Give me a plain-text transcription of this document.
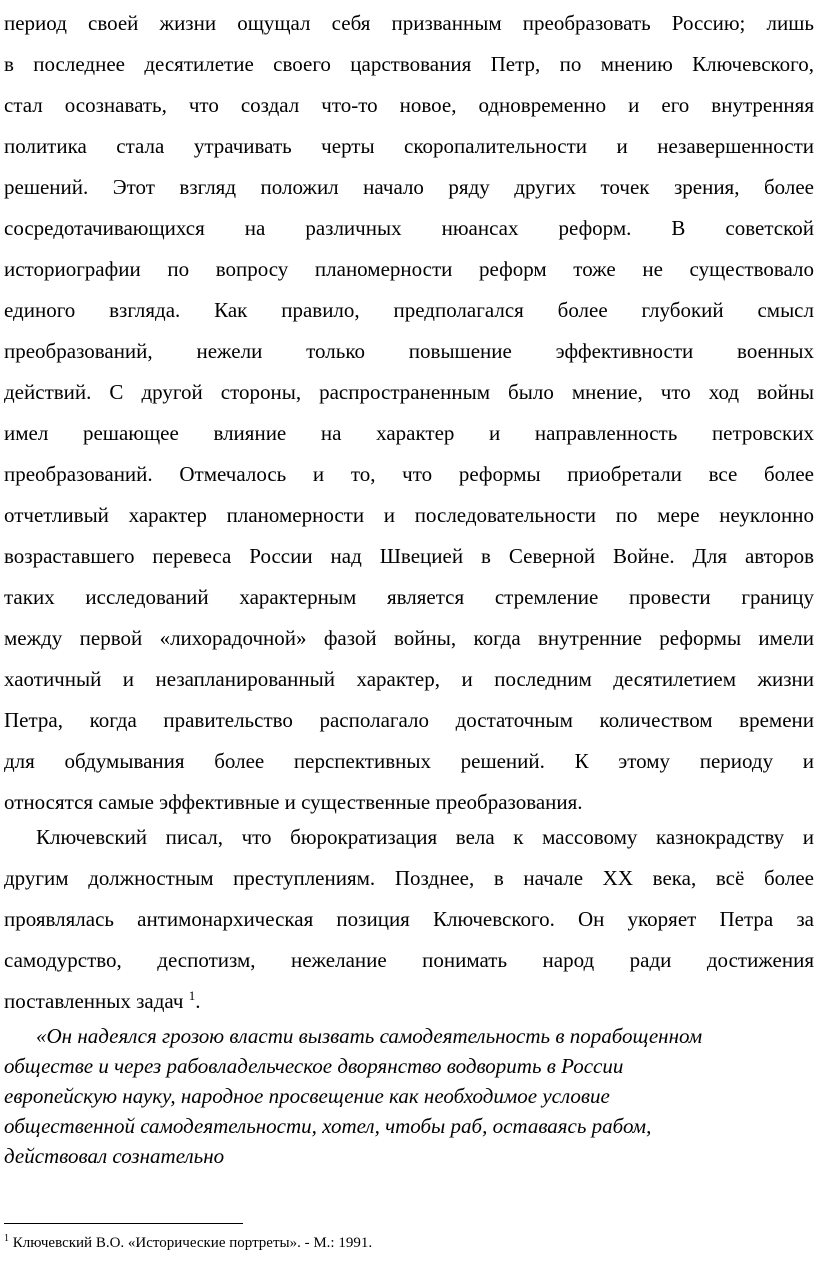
период своей жизни ощущал себя призванным преобразовать Россию; лишь
в последнее десятилетие своего царствования Петр, по мнению Ключевского,
стал осознавать, что создал что-то новое, одновременно и его внутренняя
политика стала утрачивать черты скоропалительности и незавершенности
решений. Этот взгляд положил начало ряду других точек зрения, более
сосредотачивающихся на различных нюансах реформ. В советской
историографии по вопросу планомерности реформ тоже не существовало
единого взгляда. Как правило, предполагался более глубокий смысл
преобразований, нежели только повышение эффективности военных
действий. С другой стороны, распространенным было мнение, что ход войны
имел решающее влияние на характер и направленность петровских
преобразований. Отмечалось и то, что реформы приобретали все более
отчетливый характер планомерности и последовательности по мере неуклонно
возраставшего перевеса России над Швецией в Северной Войне. Для авторов
таких исследований характерным является стремление провести границу
между первой «лихорадочной» фазой войны, когда внутренние реформы имели
хаотичный и незапланированный характер, и последним десятилетием жизни
Петра, когда правительство располагало достаточным количеством времени
для обдумывания более перспективных решений. К этому периоду и
относятся самые эффективные и существенные преобразования.
Ключевский писал, что бюрократизация вела к массовому казнокрадству и
другим должностным преступлениям. Позднее, в начале XX века, всё более
проявлялась антимонархическая позиция Ключевского. Он укоряет Петра за
самодурство, деспотизм, нежелание понимать народ ради достижения
поставленных задач $^1$.
«Он надеялся грозою власти вызвать самодеятельность в порабощенном
обществе и через рабовладельческое дворянство водворить в России
европейскую науку, народное просвещение как необходимое условие
общественной самодеятельности, хотел, чтобы раб, оставаясь рабом,
действовал сознательно
$^1$ Ключевский В.О. «Исторические портреты». - М.: 1991.
